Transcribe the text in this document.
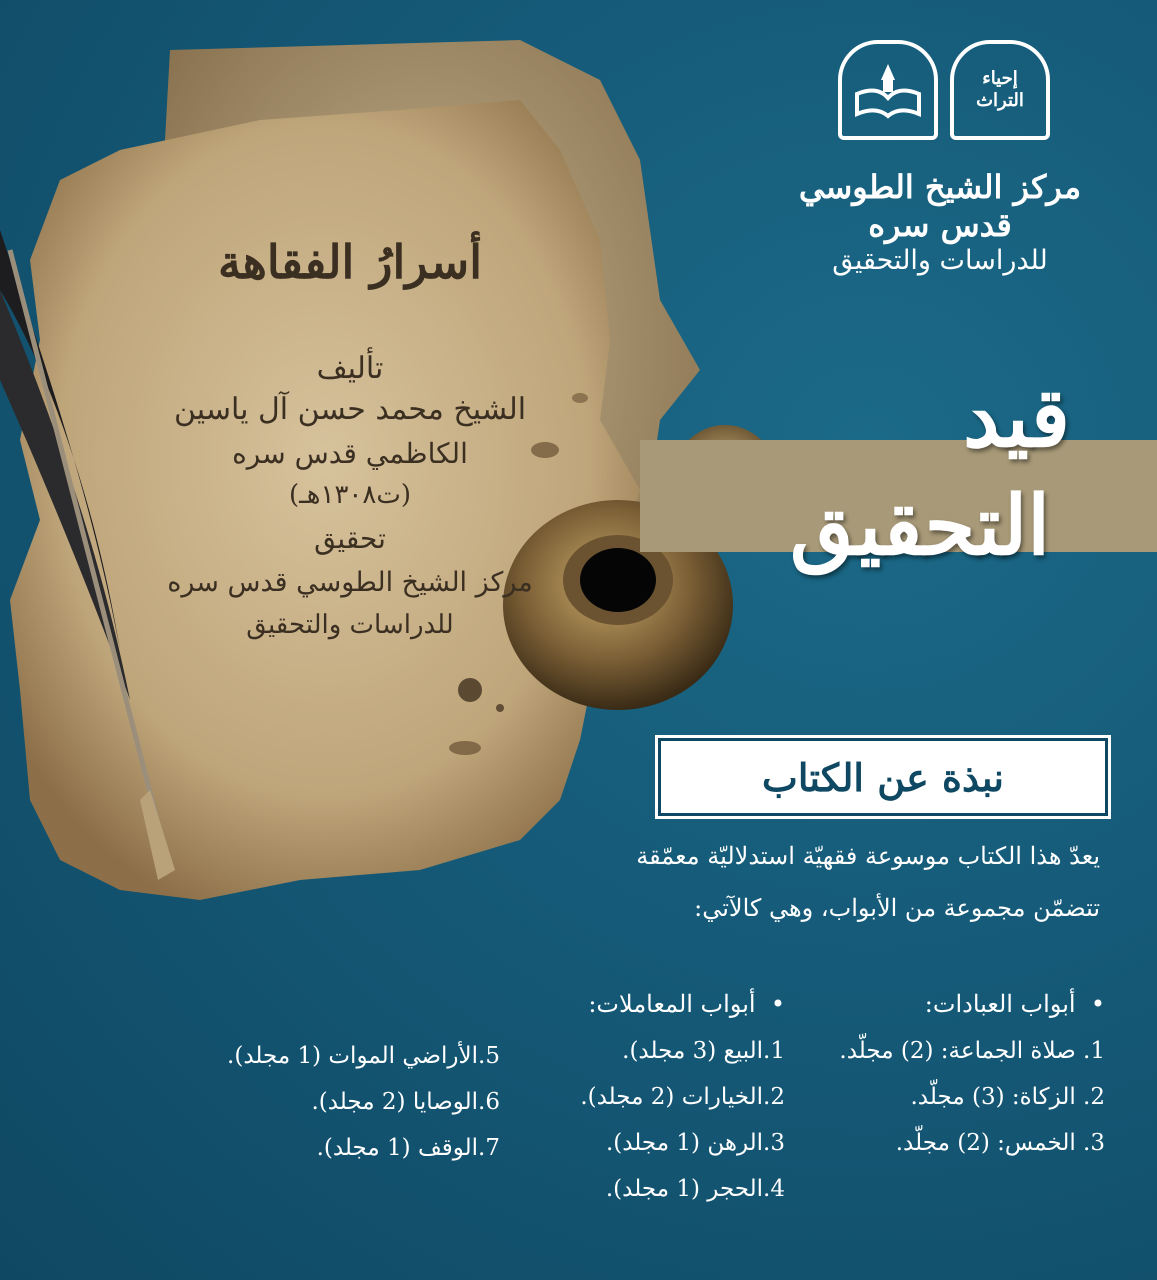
أسرارُ الفقاهة
تأليف
الشيخ محمد حسن آل ياسين
الكاظمي قدس سره
(ت١٣٠٨هـ)
تحقيق
مركز الشيخ الطوسي قدس سره
للدراسات والتحقيق
إحياء التراث
مركز الشيخ الطوسي قدس سره
للدراسات والتحقيق
قيد
التحقيق
نبذة عن الكتاب
يعدّ هذا الكتاب موسوعة فقهيّة استدلاليّة معمّقة تتضمّن مجموعة من الأبواب، وهي كالآتي:
•  أبواب العبادات:
1. صلاة الجماعة: (2) مجلّد.
2. الزكاة: (3) مجلّد.
3. الخمس: (2) مجلّد.
•  أبواب المعاملات:
1.البيع (3 مجلد).
2.الخيارات (2 مجلد).
3.الرهن (1 مجلد).
4.الحجر (1 مجلد).
5.الأراضي الموات (1 مجلد).
6.الوصايا (2 مجلد).
7.الوقف (1 مجلد).
